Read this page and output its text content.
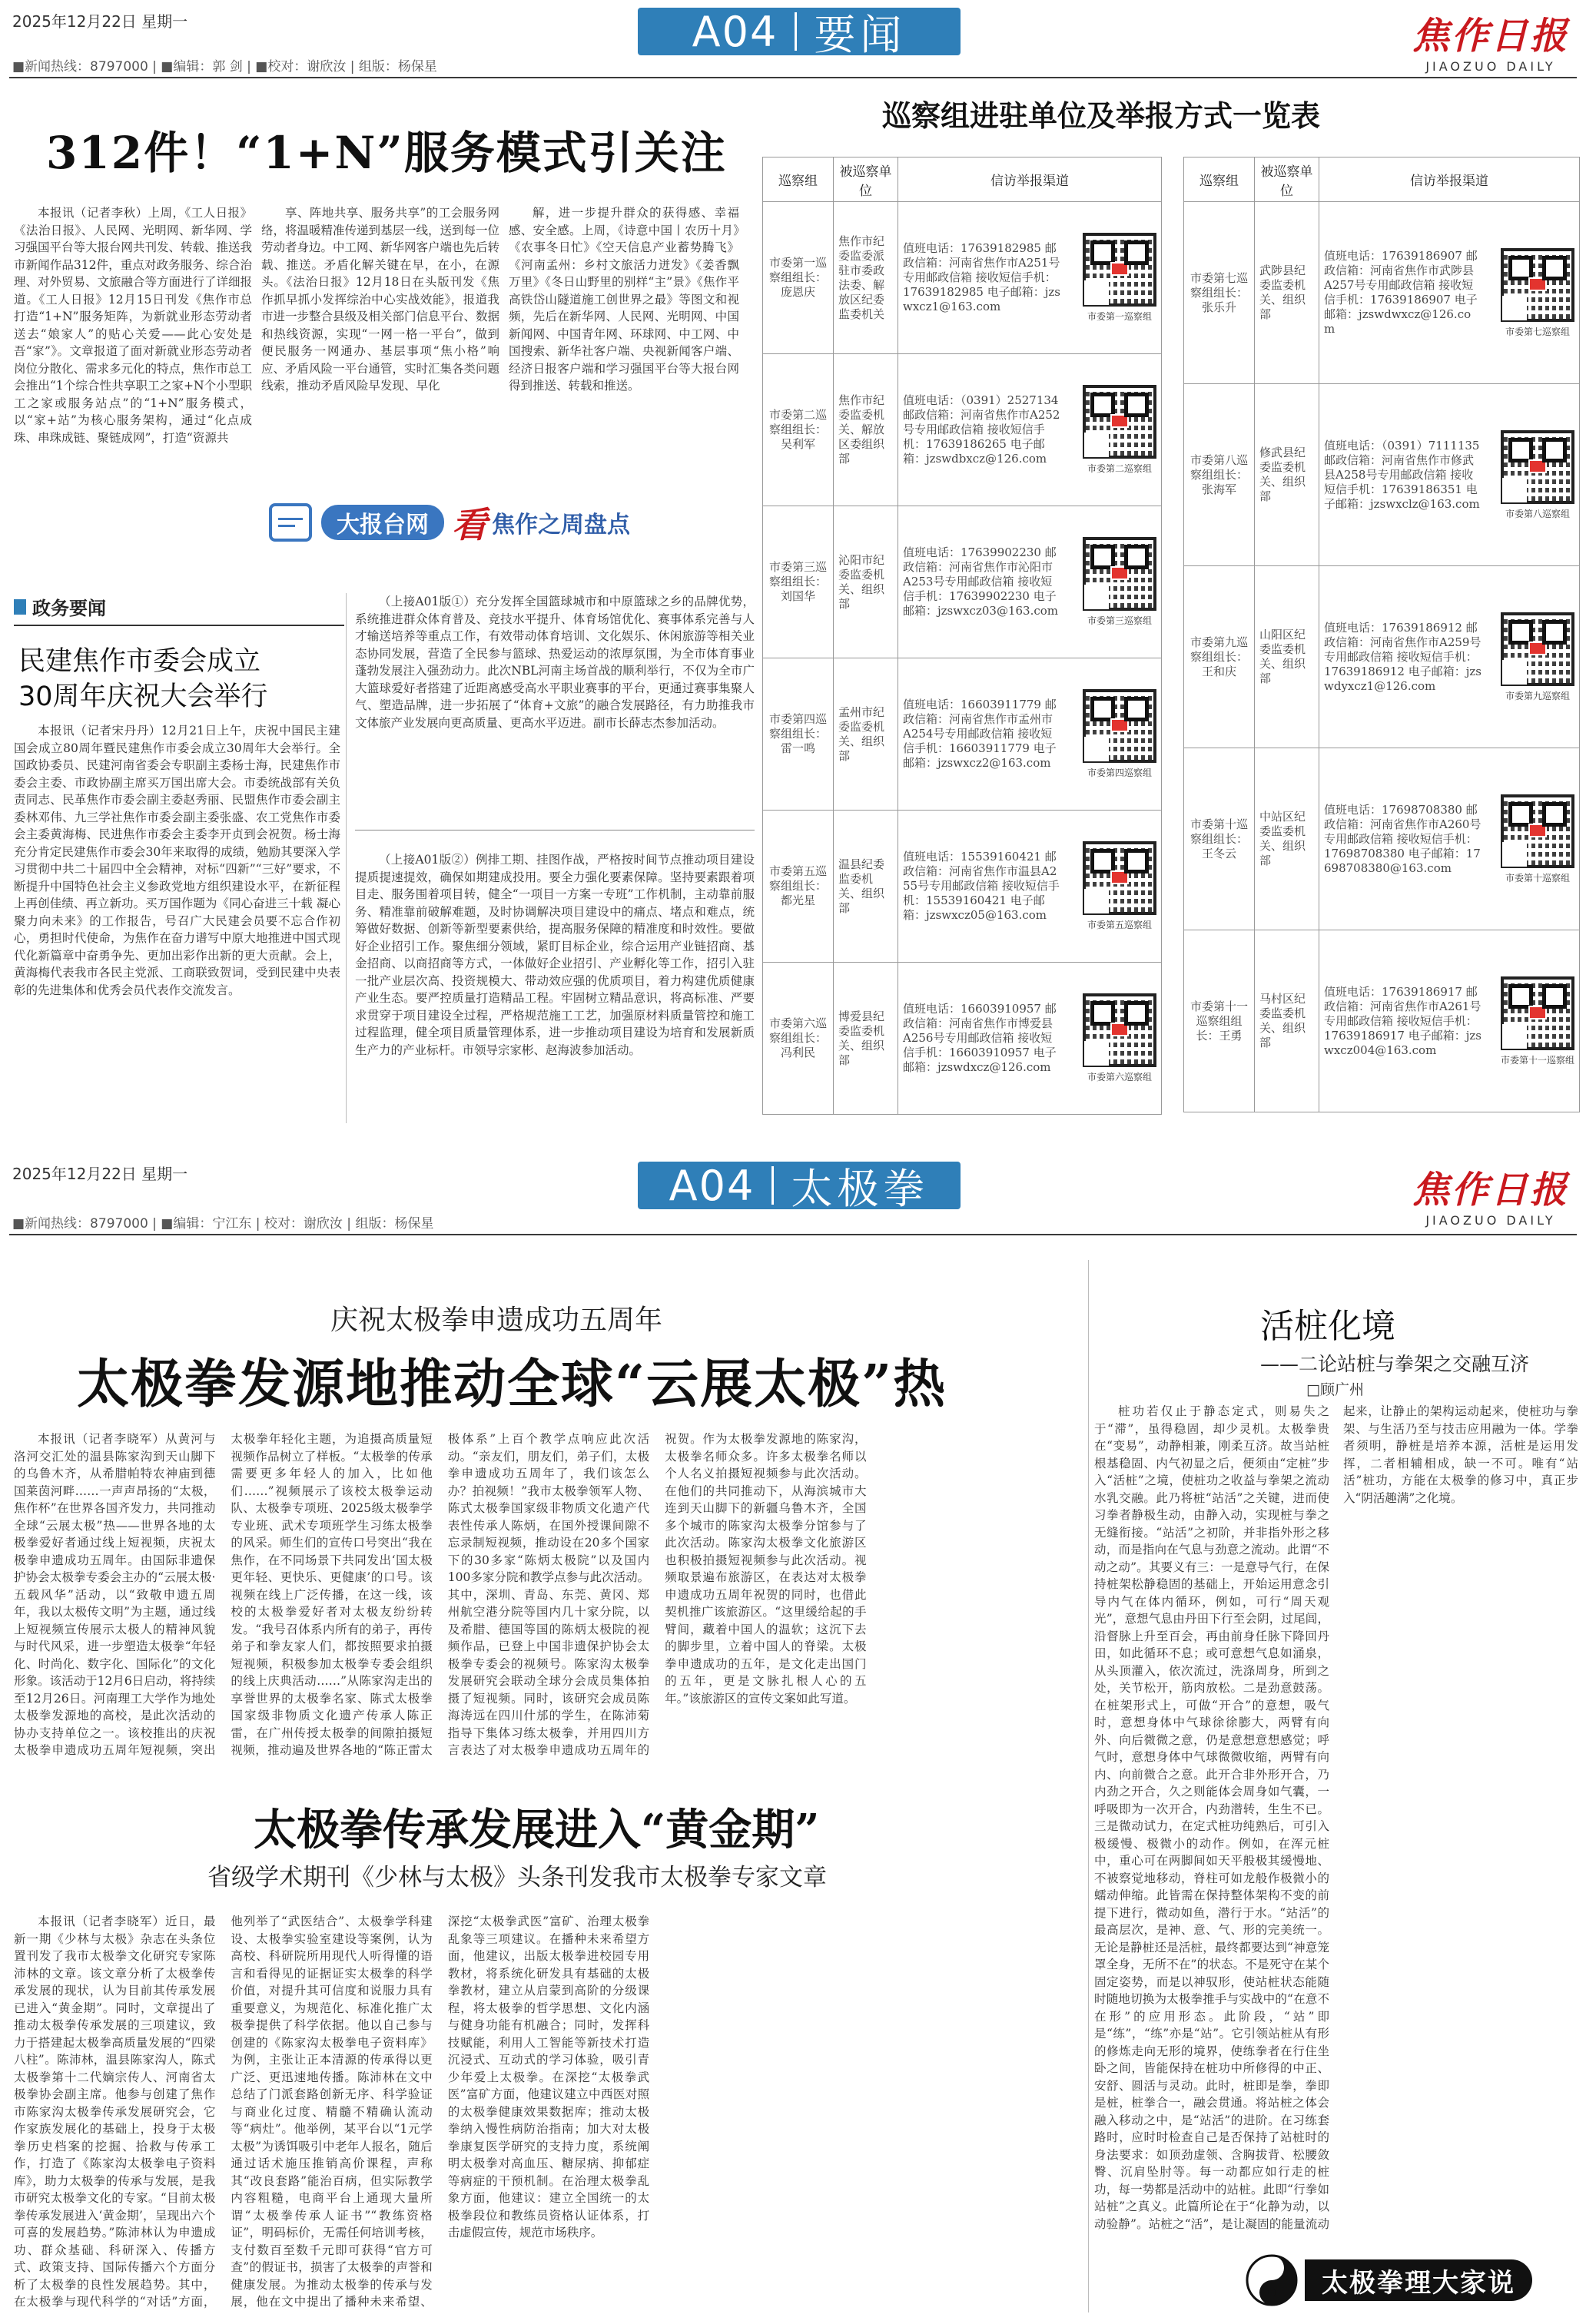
2025年12月22日 星期一	A04 要闻	焦作日报
JIAOZUO DAILY
■新闻热线：8797000 | ■编辑：郭 剑 | ■校对：谢欣汝 | 组版：杨保星
312件！“1+N”服务模式引关注

本报讯（记者李秋）上周，《工人日报》《法治日报》、人民网、光明网、新华网、学习强国平台等大报台网共刊发、转载、推送我市新闻作品312件，重点对政务服务、综合治理、对外贸易、文旅融合等方面进行了详细报道。《工人日报》12月15日刊发《焦作市总打造“1+N”服务矩阵，为新就业形态劳动者送去“娘家人”的贴心关爱——此心安处是吾“家”》。文章报道了面对新就业形态劳动者岗位分散化、需求多元化的特点，焦作市总工会推出“1个综合性共享职工之家+N个小型职工之家或服务站点”的“1+N”服务模式，以“家+站”为核心服务架构，通过“化点成珠、串珠成链、聚链成网”，打造“资源共

享、阵地共享、服务共享”的工会服务网络，将温暖精准传递到基层一线，送到每一位劳动者身边。中工网、新华网客户端也先后转载、推送。矛盾化解关键在早，在小，在源头。《法治日报》12月18日在头版刊发《焦作抓早抓小发挥综治中心实战效能》，报道我市进一步整合县级及相关部门信息平台、数据和热线资源，实现“一网一格一平台”，做到便民服务一网通办、基层事项“焦小格”响应、矛盾风险一平台通管，实时汇集各类问题线索，推动矛盾风险早发现、早化

解，进一步提升群众的获得感、幸福感、安全感。上周，《诗意中国丨农历十月》《农事冬日忙》《空天信息产业蓄势腾飞》《河南孟州：乡村文旅活力迸发》《姜香飘万里》《冬日山野里的别样“主”景》《焦作平高铁岱山隧道施工创世界之最》等图文和视频，先后在新华网、人民网、光明网、中国新闻网、中国青年网、环球网、中工网、中国搜索、新华社客户端、央视新闻客户端、经济日报客户端和学习强国平台等大报台网得到推送、转载和推送。

大报台网 看 焦作之周盘点
政务要闻
民建焦作市委会成立
30周年庆祝大会举行

本报讯（记者宋丹丹）12月21日上午，庆祝中国民主建国会成立80周年暨民建焦作市委会成立30周年大会举行。全国政协委员、民建河南省委会专职副主委杨士海，民建焦作市委会主委、市政协副主席买万国出席大会。市委统战部有关负责同志、民革焦作市委会副主委赵秀丽、民盟焦作市委会副主委林邓伟、九三学社焦作市委会副主委张盛、农工党焦作市委会主委黄海梅、民进焦作市委会主委李开贞到会祝贺。杨士海充分肯定民建焦作市委会30年来取得的成绩，勉励其要深入学习贯彻中共二十届四中全会精神，对标“四新”“三好”要求，不断提升中国特色社会主义参政党地方组织建设水平，在新征程上再创佳绩、再立新功。买万国作题为《同心奋进三十载 凝心聚力向未来》的工作报告，号召广大民建会员要不忘合作初心，勇担时代使命，为焦作在奋力谱写中原大地推进中国式现代化新篇章中奋勇争先、更加出彩作出新的更大贡献。会上，黄海梅代表我市各民主党派、工商联致贺词，受到民建中央表彰的先进集体和优秀会员代表作交流发言。

（上接A01版①）充分发挥全国篮球城市和中原篮球之乡的品牌优势，系统推进群众体育普及、竞技水平提升、体育场馆优化、赛事体系完善与人才输送培养等重点工作，有效带动体育培训、文化娱乐、休闲旅游等相关业态协同发展，营造了全民参与篮球、热爱运动的浓厚氛围，为全市体育事业蓬勃发展注入强劲动力。此次NBL河南主场首战的顺利举行，不仅为全市广大篮球爱好者搭建了近距离感受高水平职业赛事的平台，更通过赛事集聚人气、塑造品牌，进一步拓展了“体育+文旅”的融合发展路径，有力助推我市文体旅产业发展向更高质量、更高水平迈进。副市长薛志杰参加活动。

（上接A01版②）例排工期、挂图作战，严格按时间节点推动项目建设提质提速提效，确保如期建成投用。要全力强化要素保障。坚持要素跟着项目走、服务围着项目转，健全“一项目一方案一专班”工作机制，主动靠前服务、精准靠前破解难题，及时协调解决项目建设中的痛点、堵点和难点，统筹做好数据、创新等新型要素供给，提高服务保障的精准度和时效性。要做好企业招引工作。聚焦细分领域，紧盯目标企业，综合运用产业链招商、基金招商、以商招商等方式，一体做好企业招引、产业孵化等工作，招引入驻一批产业层次高、投资规模大、带动效应强的优质项目，着力构建优质健康产业生态。要严控质量打造精品工程。牢固树立精品意识，将高标准、严要求贯穿于项目建设全过程，严格规范施工工艺，加强原材料质量管控和施工过程监理，健全项目质量管理体系，进一步推动项目建设为培育和发展新质生产力的产业标杆。市领导宗家彬、赵海波参加活动。

巡察组进驻单位及举报方式一览表
巡察组	被巡察单位	信访举报渠道

市委第一巡察组组长：庞恩庆	焦作市纪委监委派驻市委政法委、解放区纪委监委机关	值班电话：17639182985 邮政信箱：河南省焦作市A251号专用邮政信箱 接收短信手机：17639182985 电子邮箱：jzswxcz1@163.com
市委第一巡察组

市委第二巡察组组长：吴利军	焦作市纪委监委机关、解放区委组织部	值班电话：（0391）2527134 邮政信箱：河南省焦作市A252号专用邮政信箱 接收短信手机：17639186265 电子邮箱：jzswdbxcz@126.com
市委第二巡察组

市委第三巡察组组长：刘国华	沁阳市纪委监委机关、组织部	值班电话：17639902230 邮政信箱：河南省焦作市沁阳市A253号专用邮政信箱 接收短信手机：17639902230 电子邮箱：jzswxcz03@163.com
市委第三巡察组

市委第四巡察组组长：雷一鸣	孟州市纪委监委机关、组织部	值班电话：16603911779 邮政信箱：河南省焦作市孟州市A254号专用邮政信箱 接收短信手机：16603911779 电子邮箱：jzswxcz2@163.com
市委第四巡察组

市委第五巡察组组长：都光星	温县纪委监委机关、组织部	值班电话：15539160421 邮政信箱：河南省焦作市温县A255号专用邮政信箱 接收短信手机：15539160421 电子邮箱：jzswxcz05@163.com
市委第五巡察组

市委第六巡察组组长：冯利民	博爱县纪委监委机关、组织部	值班电话：16603910957 邮政信箱：河南省焦作市博爱县A256号专用邮政信箱 接收短信手机：16603910957 电子邮箱：jzswdxcz@126.com
市委第六巡察组
巡察组	被巡察单位	信访举报渠道

市委第七巡察组组长：张乐升	武陟县纪委监委机关、组织部	值班电话：17639186907 邮政信箱：河南省焦作市武陟县A257号专用邮政信箱 接收短信手机：17639186907 电子邮箱：jzswdwxcz@126.com 市委第七巡察组

市委第八巡察组组长：张海军	修武县纪委监委机关、组织部	值班电话：（0391）7111135 邮政信箱：河南省焦作市修武县A258号专用邮政信箱 接收短信手机：17639186351 电子邮箱：jzswxclz@163.com
市委第八巡察组

市委第九巡察组组长：王和庆	山阳区纪委监委机关、组织部	值班电话：17639186912 邮政信箱：河南省焦作市A259号专用邮政信箱 接收短信手机：17639186912 电子邮箱：jzswdyxcz1@126.com
市委第九巡察组

市委第十巡察组组长：王冬云	中站区纪委监委机关、组织部	值班电话：17698708380 邮政信箱：河南省焦作市A260号专用邮政信箱 接收短信手机：17698708380 电子邮箱：17698708380@163.com
市委第十巡察组

市委第十一巡察组组长：王勇	马村区纪委监委机关、组织部	值班电话：17639186917 邮政信箱：河南省焦作市A261号专用邮政信箱 接收短信手机：17639186917 电子邮箱：jzswxcz004@163.com
市委第十一巡察组
2025年12月22日 星期一	A04 太极拳	焦作日报
JIAOZUO DAILY
■新闻热线：8797000 | ■编辑：宁江东 | 校对：谢欣汝 | 组版：杨保星
庆祝太极拳申遗成功五周年
太极拳发源地推动全球“云展太极”热

本报讯（记者李晓军）从黄河与洛河交汇处的温县陈家沟到天山脚下的乌鲁木齐，从希腊帕特农神庙到德国莱茵河畔……一声声昂扬的“太极，焦作杯”在世界各国齐发力，共同推动全球“云展太极”热——世界各地的太极拳爱好者通过线上短视频，庆祝太极拳申遗成功五周年。由国际非遗保护协会太极拳专委会主办的“云展太极·五载风华”活动，以“致敬申遗五周年，我以太极传文明”为主题，通过线上短视频宣传展示太极人的精神风貌与时代风采，进一步塑造太极拳“年轻化、时尚化、数字化、国际化”的文化形象。该活动于12月6日启动，将持续至12月26日。河南理工大学作为地处太极拳发源地的高校，是此次活动的协办支持单位之一。该校推出的庆祝太极拳申遗成功五周年短视频，突出太极拳年轻化主题，为追摄高质量短视频作品树立了样板。“太极拳的传承需要更多年轻人的加入，比如他们……”视频展示了该校太极拳运动队、太极拳专项班、2025级太极拳学专业班、武术专项班学生习练太极拳的风采。师生们的宣传口号突出“我在焦作，在不同场景下共同发出‘国太极更年轻、更快乐、更健康’的口号。该视频在线上广泛传播，在这一线，该校的太极拳爱好者对太极友纷纷转发。“我号召体系内所有的弟子，再传弟子和拳友家人们，都按照要求拍摄短视频，积极参加太极拳专委会组织的线上庆典活动……”从陈家沟走出的享誉世界的太极拳名家、陈式太极拳国家级非物质文化遗产传承人陈正雷，在广州传授太极拳的间隙拍摄短视频，推动遍及世界各地的“陈正雷太极体系”上百个教学点响应此次活动。“亲友们，朋友们，弟子们，太极拳申遗成功五周年了，我们该怎么办？拍视频！”我市太极拳领军人物、陈式太极拳国家级非物质文化遗产代表性传承人陈炳，在国外授课间隙不忘录制短视频，推动设在20多个国家下的30多家“陈炳太极院”以及国内100多家分院和教学点参与此次活动。其中，深圳、青岛、东莞、黄冈、郑州航空港分院等国内几十家分院，以及希腊、德国等国的陈炳太极院的视频作品，已登上中国非遗保护协会太极拳专委会的视频号。陈家沟太极拳发展研究会联动全球分会成员集体拍摄了短视频。同时，该研究会成员陈海涛远在四川什邡的学生，在陈沛菊指导下集体习练太极拳，并用四川方言表达了对太极拳申遗成功五周年的祝贺。作为太极拳发源地的陈家沟，太极拳名师众多。许多太极拳名师以个人名义拍摄短视频参与此次活动。在他们的共同推动下，从海滨城市大连到天山脚下的新疆乌鲁木齐，全国多个城市的陈家沟太极拳分馆参与了此次活动。陈家沟太极拳文化旅游区也积极拍摄短视频参与此次活动。视频取景遍布旅游区，在表达对太极拳申遗成功五周年祝贺的同时，也借此契机推广该旅游区。“这里缓给起的手臂间，藏着中国人的温软；这沉下去的脚步里，立着中国人的脊梁。太极拳申遗成功的五年，是文化走出国门的五年，更是文脉扎根人心的五年。”该旅游区的宣传文案如此写道。

太极拳传承发展进入“黄金期”
省级学术期刊《少林与太极》头条刊发我市太极拳专家文章

本报讯（记者李晓军）近日，最新一期《少林与太极》杂志在头条位置刊发了我市太极拳文化研究专家陈沛林的文章。该文章分析了太极拳传承发展的现状，认为目前其传承发展已进入“黄金期”。同时，文章提出了推动太极拳传承发展的三项建议，致力于搭建起太极拳高质量发展的“四梁八柱”。陈沛林，温县陈家沟人，陈式太极拳第十二代嫡宗传人、河南省太极拳协会副主席。他参与创建了焦作市陈家沟太极拳传承发展研究会，它作家族发展化的基础上，投身于太极拳历史档案的挖掘、拾救与传承工作，打造了《陈家沟太极拳电子资料库》，助力太极拳的传承与发展，是我市研究太极拳文化的专家。“目前太极拳传承发展进入‘黄金期’，呈现出六个可喜的发展趋势。”陈沛林认为申遗成功、群众基础、科研深入、传播方式、政策支持、国际传播六个方面分析了太极拳的良性发展趋势。其中，在太极拳与现代科学的“对话”方面，他列举了“武医结合”、太极拳学科建设、太极拳实验室建设等案例，认为高校、科研院所用现代人听得懂的语言和看得见的证据证实太极拳的科学价值，对提升其可信度和说服力具有重要意义，为规范化、标准化推广太极拳提供了科学依据。他以自己参与创建的《陈家沟太极拳电子资料库》为例，主张让正本清源的传承得以更广泛、更迅速地传播。陈沛林在文中总结了门派套路创新无序、科学验证与商业化过度、精髓不精确认流动等“病灶”。他举例，某平台以“1元学太极”为诱饵吸引中老年人报名，随后通过话术施压推销高价课程，声称其“改良套路”能治百病，但实际教学内容粗糙，电商平台上通现大量所谓“太极拳传承人证书”“教练资格证”，明码标价，无需任何培训考核，支付数百至数千元即可获得“官方可查”的假证书，损害了太极拳的声誉和健康发展。为推动太极拳的传承与发展，他在文中提出了播种未来希望、深挖“太极拳武医”富矿、治理太极拳乱象等三项建议。在播种未来希望方面，他建议，出版太极拳进校园专用教材，将系统化研发具有基础的太极拳教材，建立从启蒙到高阶的分级课程，将太极拳的哲学思想、文化内涵与健身功能有机融合；同时，发挥科技赋能，利用人工智能等新技术打造沉浸式、互动式的学习体验，吸引青少年爱上太极拳。在深挖“太极拳武医”富矿方面，他建议建立中西医对照的太极拳健康效果数据库；推动太极拳纳入慢性病防治指南；加大对太极拳康复医学研究的支持力度，系统阐明太极拳对高血压、糖尿病、抑郁症等病症的干预机制。在治理太极拳乱象方面，他建议：建立全国统一的太极拳段位和教练员资格认证体系，打击虚假宣传，规范市场秩序。

活桩化境
——二论站桩与拳架之交融互济
□顾广州

桩功若仅止于静态定式，则易失之于“滞”，虽得稳固，却少灵机。太极拳贵在“变易”，动静相兼，刚柔互济。故当站桩根基稳固、内气初显之后，便须由“定桩”步入“活桩”之境，使桩功之收益与拳架之流动水乳交融。此乃将桩“站活”之关键，进而使习拳者静极生动，由静入动，实现桩与拳之无缝衔接。“站活”之初阶，并非指外形之移动，而是指向在气息与劲意之流动。此谓“不动之动”。其要义有三：一是意导气行，在保持桩架松静稳固的基础上，开始运用意念引导内气在体内循环，例如，可行“周天观光”，意想气息由丹田下行至会阴，过尾闾，沿督脉上升至百会，再由前身任脉下降回丹田，如此循环不息；或可意想气息如涌泉，从头顶灌入，依次流过，洗涤周身，所到之处，关节松开，筋肉放松。二是劲意鼓荡。在桩架形式上，可做“开合”的意想，吸气时，意想身体中气球徐徐膨大，两臂有向外、向后微微之意，仍是意想意想感觉；呼气时，意想身体中气球微微收缩，两臂有向内、向前微合之意。此开合非外形开合，乃内劲之开合，久之则能体会周身如气囊，一呼吸即为一次开合，内劲潜转，生生不已。三是微动试力，在定式桩功纯熟后，可引入极缓慢、极微小的动作。例如，在浑元桩中，重心可在两脚间如天平般极其缓慢地、不被察觉地移动，脊柱可如龙般作极微小的蠕动伸缩。此皆需在保持整体架构不变的前提下进行，微动如鱼，潜行于水。“站活”的最高层次，是神、意、气、形的完美统一。无论是静桩还是活桩，最终都要达到“神意笼罩全身，无所不在”的状态。不是死守在某个固定姿势，而是以神驭形，使站桩状态能随时随地切换为太极拳推手与实战中的“在意不在形”的应用形态。此阶段，“站”即是“练”，“练”亦是“站”。它引领站桩从有形的修炼走向无形的境界，使练拳者在行住坐卧之间，皆能保持在桩功中所修得的中正、安舒、圆活与灵动。此时，桩即是拳，拳即是桩，桩拳合一，融会贯通。将站桩之体会融入移动之中，是“站活”的进阶。在习练套路时，应时时检查自己是否保持了站桩时的身法要求：如顶劲虚领、含胸拔背、松腰敛臀、沉肩坠肘等。每一动都应如行走的桩功，每一势都是活动中的站桩。此即“行拳如站桩”之真义。此篇所论在于“化静为动，以动验静”。站桩之“活”，是让凝固的能量流动起来，让静止的架构运动起来，使桩功与拳架、与生活乃至与技击应用融为一体。学拳者须明，静桩是培养本源，活桩是运用发挥，二者相辅相成，缺一不可。唯有“站活”桩功，方能在太极拳的修习中，真正步入“阴活趣满”之化境。

太极拳理大家说
